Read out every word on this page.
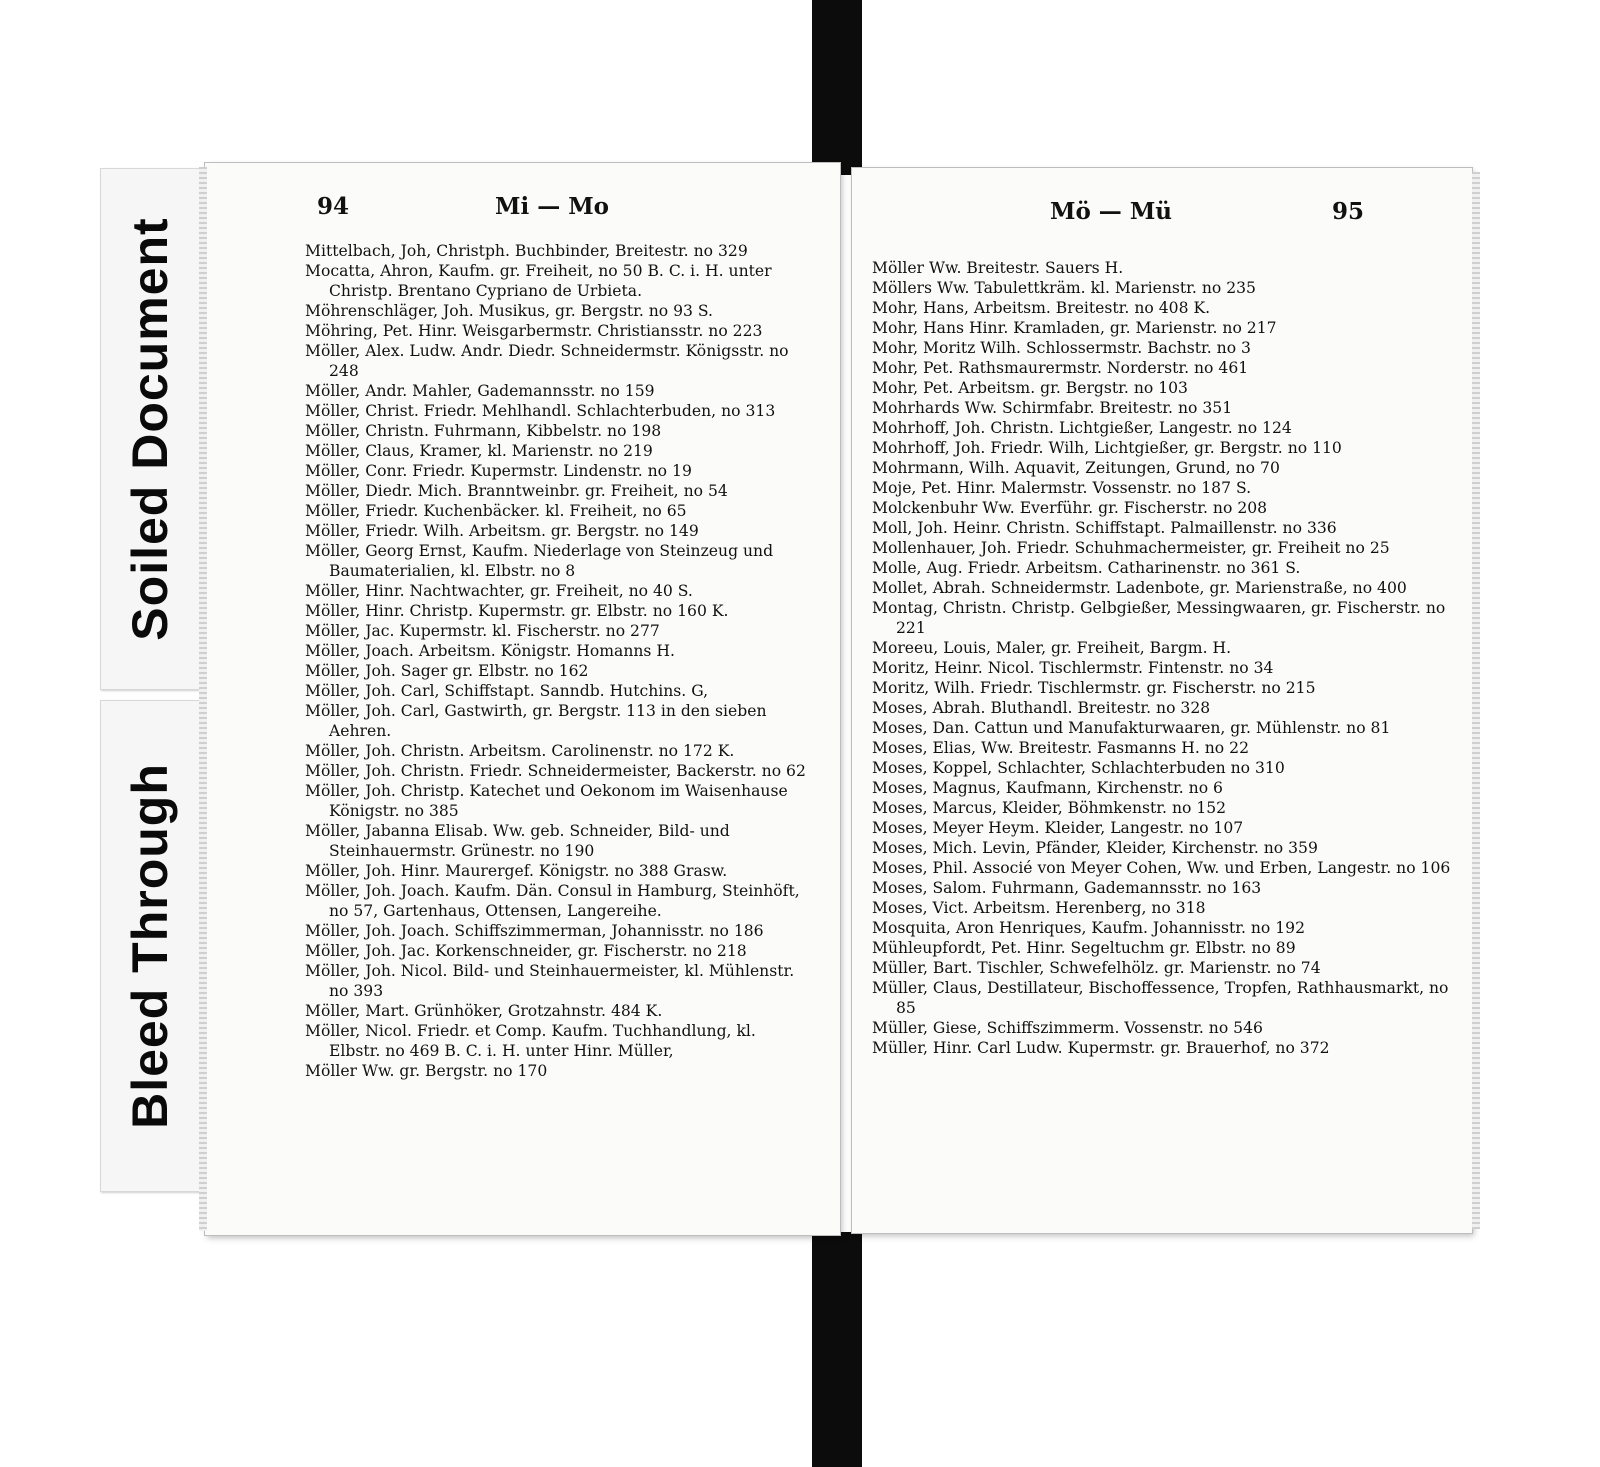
Soiled Document
Bleed Through
94	Mi — Mo

Mittelbach, Joh, Christph. Buchbinder, Breitestr. no 329

Mocatta, Ahron, Kaufm. gr. Freiheit, no 50 B. C. i. H. unter Christp. Brentano Cypriano de Urbieta.

Möhrenschläger, Joh. Musikus, gr. Bergstr. no 93 S.

Möhring, Pet. Hinr. Weisgarbermstr. Christiansstr. no 223

Möller, Alex. Ludw. Andr. Diedr. Schneidermstr. Königsstr. no 248

Möller, Andr. Mahler, Gademannsstr. no 159

Möller, Christ. Friedr. Mehlhandl. Schlachterbuden, no 313

Möller, Christn. Fuhrmann, Kibbelstr. no 198

Möller, Claus, Kramer, kl. Marienstr. no 219

Möller, Conr. Friedr. Kupermstr. Lindenstr. no 19

Möller, Diedr. Mich. Branntweinbr. gr. Freiheit, no 54

Möller, Friedr. Kuchenbäcker. kl. Freiheit, no 65

Möller, Friedr. Wilh. Arbeitsm. gr. Bergstr. no 149

Möller, Georg Ernst, Kaufm. Niederlage von Steinzeug und Baumaterialien, kl. Elbstr. no 8

Möller, Hinr. Nachtwachter, gr. Freiheit, no 40 S.

Möller, Hinr. Christp. Kupermstr. gr. Elbstr. no 160 K.

Möller, Jac. Kupermstr. kl. Fischerstr. no 277

Möller, Joach. Arbeitsm. Königstr. Homanns H.

Möller, Joh. Sager gr. Elbstr. no 162

Möller, Joh. Carl, Schiffstapt. Sanndb. Hutchins. G,

Möller, Joh. Carl, Gastwirth, gr. Bergstr. 113 in den sieben Aehren.

Möller, Joh. Christn. Arbeitsm. Carolinenstr. no 172 K.

Möller, Joh. Christn. Friedr. Schneidermeister, Backerstr. no 62

Möller, Joh. Christp. Katechet und Oekonom im Waisenhause Königstr. no 385

Möller, Jabanna Elisab. Ww. geb. Schneider, Bild- und Steinhauermstr. Grünestr. no 190

Möller, Joh. Hinr. Maurergef. Königstr. no 388 Grasw.

Möller, Joh. Joach. Kaufm. Dän. Consul in Hamburg, Steinhöft, no 57, Gartenhaus, Ottensen, Langereihe.

Möller, Joh. Joach. Schiffszimmerman, Johannisstr. no 186

Möller, Joh. Jac. Korkenschneider, gr. Fischerstr. no 218

Möller, Joh. Nicol. Bild- und Steinhauermeister, kl. Mühlenstr. no 393

Möller, Mart. Grünhöker, Grotzahnstr. 484 K.

Möller, Nicol. Friedr. et Comp. Kaufm. Tuchhandlung, kl. Elbstr. no 469 B. C. i. H. unter Hinr. Müller,

Möller Ww. gr. Bergstr. no 170

Mö — Mü	95

Möller Ww. Breitestr. Sauers H.

Möllers Ww. Tabulettkräm. kl. Marienstr. no 235

Mohr, Hans, Arbeitsm. Breitestr. no 408 K.

Mohr, Hans Hinr. Kramladen, gr. Marienstr. no 217

Mohr, Moritz Wilh. Schlossermstr. Bachstr. no 3

Mohr, Pet. Rathsmaurermstr. Norderstr. no 461

Mohr, Pet. Arbeitsm. gr. Bergstr. no 103

Mohrhards Ww. Schirmfabr. Breitestr. no 351

Mohrhoff, Joh. Christn. Lichtgießer, Langestr. no 124

Mohrhoff, Joh. Friedr. Wilh, Lichtgießer, gr. Bergstr. no 110

Mohrmann, Wilh. Aquavit, Zeitungen, Grund, no 70

Moje, Pet. Hinr. Malermstr. Vossenstr. no 187 S.

Molckenbuhr Ww. Everführ. gr. Fischerstr. no 208

Moll, Joh. Heinr. Christn. Schiffstapt. Palmaillenstr. no 336

Mollenhauer, Joh. Friedr. Schuhmachermeister, gr. Freiheit no 25

Molle, Aug. Friedr. Arbeitsm. Catharinenstr. no 361 S.

Mollet, Abrah. Schneidermstr. Ladenbote, gr. Marienstraße, no 400

Montag, Christn. Christp. Gelbgießer, Messingwaaren, gr. Fischerstr. no 221

Moreeu, Louis, Maler, gr. Freiheit, Bargm. H.

Moritz, Heinr. Nicol. Tischlermstr. Fintenstr. no 34

Moritz, Wilh. Friedr. Tischlermstr. gr. Fischerstr. no 215

Moses, Abrah. Bluthandl. Breitestr. no 328

Moses, Dan. Cattun und Manufakturwaaren, gr. Mühlenstr. no 81

Moses, Elias, Ww. Breitestr. Fasmanns H. no 22

Moses, Koppel, Schlachter, Schlachterbuden no 310

Moses, Magnus, Kaufmann, Kirchenstr. no 6

Moses, Marcus, Kleider, Böhmkenstr. no 152

Moses, Meyer Heym. Kleider, Langestr. no 107

Moses, Mich. Levin, Pfänder, Kleider, Kirchenstr. no 359

Moses, Phil. Associé von Meyer Cohen, Ww. und Erben, Langestr. no 106

Moses, Salom. Fuhrmann, Gademannsstr. no 163

Moses, Vict. Arbeitsm. Herenberg, no 318

Mosquita, Aron Henriques, Kaufm. Johannisstr. no 192

Mühleupfordt, Pet. Hinr. Segeltuchm gr. Elbstr. no 89

Müller, Bart. Tischler, Schwefelhölz. gr. Marienstr. no 74

Müller, Claus, Destillateur, Bischoffessence, Tropfen, Rathhausmarkt, no 85

Müller, Giese, Schiffszimmerm. Vossenstr. no 546

Müller, Hinr. Carl Ludw. Kupermstr. gr. Brauerhof, no 372
